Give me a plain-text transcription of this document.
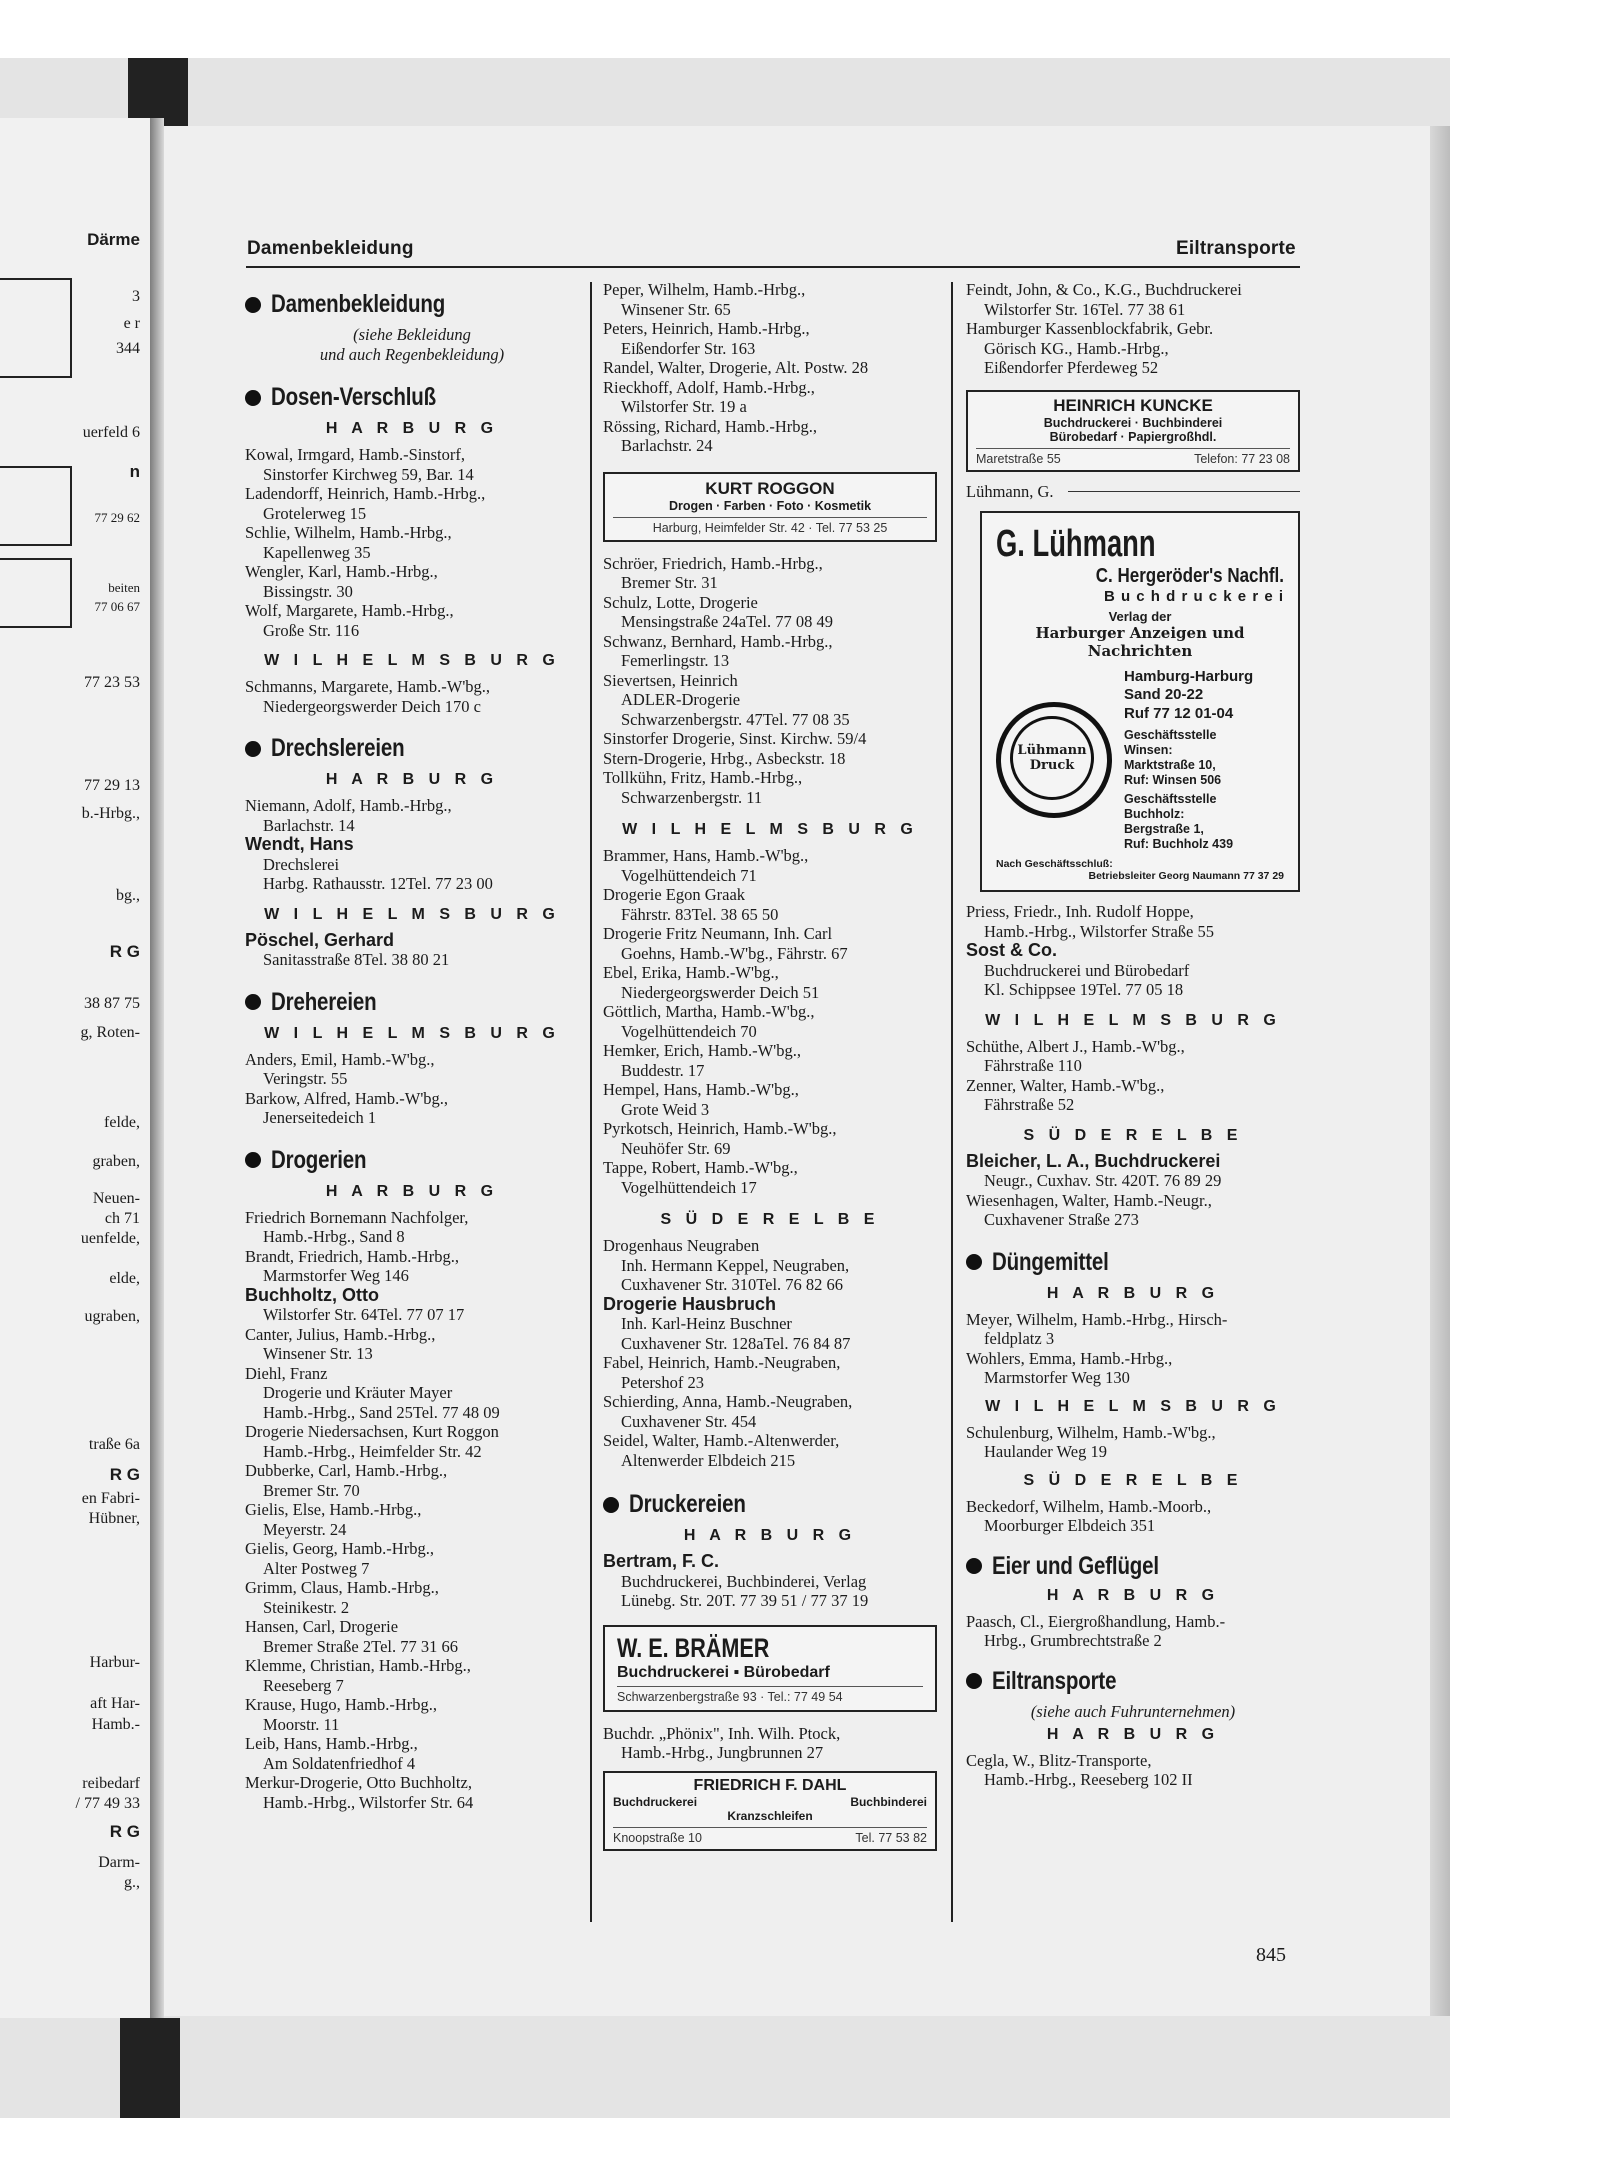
Därme
3
e r
344
uerfeld 6
n
77 29 62
beiten
77 06 67
77 23 53
77 29 13
b.-Hrbg.,
bg.,
R G
38 87 75
g, Roten-
felde,
graben,
Neuen-
ch 71
uenfelde,
elde,
ugraben,
traße 6a
R G
en Fabri-
Hübner,
Harbur-
aft Har-
Hamb.-
reibedarf
/ 77 49 33
R G
Darm-
g.,
Damenbekleidung	Eiltransporte
Damenbekleidung
(siehe Bekleidung
und auch Regenbekleidung)
Dosen-Verschluß
H A R B U R G
Kowal, Irmgard, Hamb.-Sinstorf,
Sinstorfer Kirchweg 59, Bar. 14
Ladendorff, Heinrich, Hamb.-Hrbg.,
Grotelerweg 15
Schlie, Wilhelm, Hamb.-Hrbg.,
Kapellenweg 35
Wengler, Karl, Hamb.-Hrbg.,
Bissingstr. 30
Wolf, Margarete, Hamb.-Hrbg.,
Große Str. 116
W I L H E L M S B U R G
Schmanns, Margarete, Hamb.-W'bg.,
Niedergeorgswerder Deich 170 c
Drechslereien
H A R B U R G
Niemann, Adolf, Hamb.-Hrbg.,
Barlachstr. 14
Wendt, Hans
Drechslerei
Harbg. Rathausstr. 12Tel. 77 23 00
W I L H E L M S B U R G
Pöschel, Gerhard
Sanitasstraße 8Tel. 38 80 21
Drehereien
W I L H E L M S B U R G
Anders, Emil, Hamb.-W'bg.,
Veringstr. 55
Barkow, Alfred, Hamb.-W'bg.,
Jenerseitedeich 1
Drogerien
H A R B U R G
Friedrich Bornemann Nachfolger,
Hamb.-Hrbg., Sand 8
Brandt, Friedrich, Hamb.-Hrbg.,
Marmstorfer Weg 146
Buchholtz, Otto
Wilstorfer Str. 64Tel. 77 07 17
Canter, Julius, Hamb.-Hrbg.,
Winsener Str. 13
Diehl, Franz
Drogerie und Kräuter Mayer
Hamb.-Hrbg., Sand 25Tel. 77 48 09
Drogerie Niedersachsen, Kurt Roggon
Hamb.-Hrbg., Heimfelder Str. 42
Dubberke, Carl, Hamb.-Hrbg.,
Bremer Str. 70
Gielis, Else, Hamb.-Hrbg.,
Meyerstr. 24
Gielis, Georg, Hamb.-Hrbg.,
Alter Postweg 7
Grimm, Claus, Hamb.-Hrbg.,
Steinikestr. 2
Hansen, Carl, Drogerie
Bremer Straße 2Tel. 77 31 66
Klemme, Christian, Hamb.-Hrbg.,
Reeseberg 7
Krause, Hugo, Hamb.-Hrbg.,
Moorstr. 11
Leib, Hans, Hamb.-Hrbg.,
Am Soldatenfriedhof 4
Merkur-Drogerie, Otto Buchholtz,
Hamb.-Hrbg., Wilstorfer Str. 64
Peper, Wilhelm, Hamb.-Hrbg.,
Winsener Str. 65
Peters, Heinrich, Hamb.-Hrbg.,
Eißendorfer Str. 163
Randel, Walter, Drogerie, Alt. Postw. 28
Rieckhoff, Adolf, Hamb.-Hrbg.,
Wilstorfer Str. 19 a
Rössing, Richard, Hamb.-Hrbg.,
Barlachstr. 24
KURT ROGGON
Drogen · Farben · Foto · Kosmetik
Harburg, Heimfelder Str. 42 · Tel. 77 53 25
Schröer, Friedrich, Hamb.-Hrbg.,
Bremer Str. 31
Schulz, Lotte, Drogerie
Mensingstraße 24aTel. 77 08 49
Schwanz, Bernhard, Hamb.-Hrbg.,
Femerlingstr. 13
Sievertsen, Heinrich
ADLER-Drogerie
Schwarzenbergstr. 47Tel. 77 08 35
Sinstorfer Drogerie, Sinst. Kirchw. 59/4
Stern-Drogerie, Hrbg., Asbeckstr. 18
Tollkühn, Fritz, Hamb.-Hrbg.,
Schwarzenbergstr. 11
W I L H E L M S B U R G
Brammer, Hans, Hamb.-W'bg.,
Vogelhüttendeich 71
Drogerie Egon Graak
Fährstr. 83Tel. 38 65 50
Drogerie Fritz Neumann, Inh. Carl
Goehns, Hamb.-W'bg., Fährstr. 67
Ebel, Erika, Hamb.-W'bg.,
Niedergeorgswerder Deich 51
Göttlich, Martha, Hamb.-W'bg.,
Vogelhüttendeich 70
Hemker, Erich, Hamb.-W'bg.,
Buddestr. 17
Hempel, Hans, Hamb.-W'bg.,
Grote Weid 3
Pyrkotsch, Heinrich, Hamb.-W'bg.,
Neuhöfer Str. 69
Tappe, Robert, Hamb.-W'bg.,
Vogelhüttendeich 17
S Ü D E R E L B E
Drogenhaus Neugraben
Inh. Hermann Keppel, Neugraben,
Cuxhavener Str. 310Tel. 76 82 66
Drogerie Hausbruch
Inh. Karl-Heinz Buschner
Cuxhavener Str. 128aTel. 76 84 87
Fabel, Heinrich, Hamb.-Neugraben,
Petershof 23
Schierding, Anna, Hamb.-Neugraben,
Cuxhavener Str. 454
Seidel, Walter, Hamb.-Altenwerder,
Altenwerder Elbdeich 215
Druckereien
H A R B U R G
Bertram, F. C.
Buchdruckerei, Buchbinderei, Verlag
Lünebg. Str. 20T. 77 39 51 / 77 37 19
W. E. BRÄMER
Buchdruckerei ▪ Bürobedarf
Schwarzenbergstraße 93 · Tel.: 77 49 54
Buchdr. „Phönix", Inh. Wilh. Ptock,
Hamb.-Hrbg., Jungbrunnen 27
FRIEDRICH F. DAHL
Buchdruckerei	Buchbinderei
Kranzschleifen
Knoopstraße 10	Tel. 77 53 82
Feindt, John, & Co., K.G., Buchdruckerei
Wilstorfer Str. 16Tel. 77 38 61
Hamburger Kassenblockfabrik, Gebr.
Görisch KG., Hamb.-Hrbg.,
Eißendorfer Pferdeweg 52
HEINRICH KUNCKE
Buchdruckerei · Buchbinderei
Bürobedarf · Papiergroßhdl.
Maretstraße 55	Telefon: 77 23 08
Lühmann, G.
G. Lühmann
C. Hergeröder's Nachfl.
B u c h d r u c k e r e i
Verlag der
Harburger Anzeigen und Nachrichten
Lühmann
Druck
Hamburg-Harburg
Sand 20-22
Ruf 77 12 01-04
Geschäftsstelle
Winsen:
Marktstraße 10,
Ruf: Winsen 506
Geschäftsstelle
Buchholz:
Bergstraße 1,
Ruf: Buchholz 439
Nach Geschäftsschluß:
Betriebsleiter Georg Naumann 77 37 29
Priess, Friedr., Inh. Rudolf Hoppe,
Hamb.-Hrbg., Wilstorfer Straße 55
Sost & Co.
Buchdruckerei und Bürobedarf
Kl. Schippsee 19Tel. 77 05 18
W I L H E L M S B U R G
Schüthe, Albert J., Hamb.-W'bg.,
Fährstraße 110
Zenner, Walter, Hamb.-W'bg.,
Fährstraße 52
S Ü D E R E L B E
Bleicher, L. A., Buchdruckerei
Neugr., Cuxhav. Str. 420T. 76 89 29
Wiesenhagen, Walter, Hamb.-Neugr.,
Cuxhavener Straße 273
Düngemittel
H A R B U R G
Meyer, Wilhelm, Hamb.-Hrbg., Hirsch-
feldplatz 3
Wohlers, Emma, Hamb.-Hrbg.,
Marmstorfer Weg 130
W I L H E L M S B U R G
Schulenburg, Wilhelm, Hamb.-W'bg.,
Haulander Weg 19
S Ü D E R E L B E
Beckedorf, Wilhelm, Hamb.-Moorb.,
Moorburger Elbdeich 351
Eier und Geflügel
H A R B U R G
Paasch, Cl., Eiergroßhandlung, Hamb.-
Hrbg., Grumbrechtstraße 2
Eiltransporte
(siehe auch Fuhrunternehmen)
H A R B U R G
Cegla, W., Blitz-Transporte,
Hamb.-Hrbg., Reeseberg 102 II
845
